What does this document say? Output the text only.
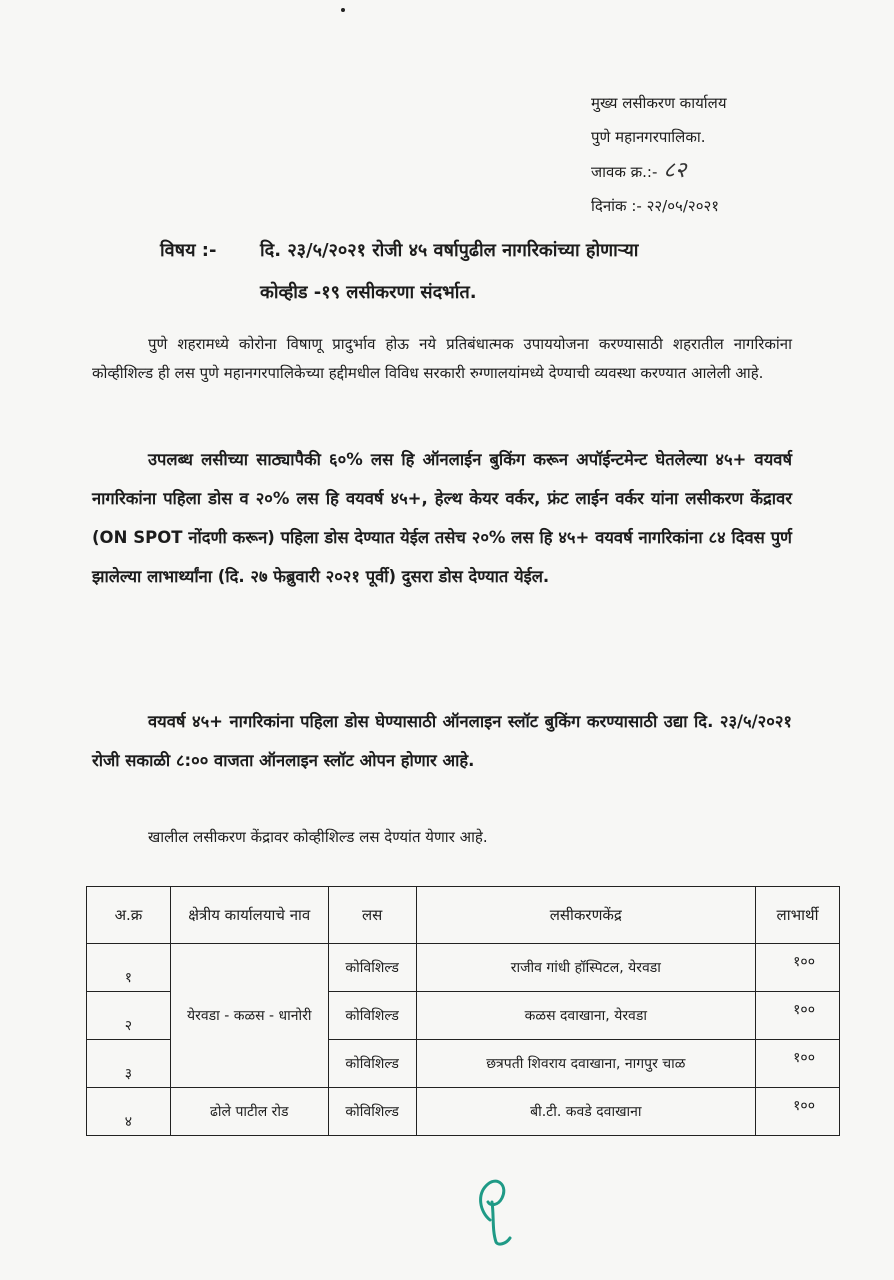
मुख्य लसीकरण कार्यालय
पुणे महानगरपालिका.
जावक क्र.:- ८२
दिनांक :- २२/०५/२०२१
विषय :- दि. २३/५/२०२१ रोजी ४५ वर्षापुढील नागरिकांच्या होणाऱ्या
कोव्हीड -१९ लसीकरणा संदर्भात.
पुणे शहरामध्ये कोरोना विषाणू प्रादुर्भाव होऊ नये प्रतिबंधात्मक उपाययोजना करण्यासाठी शहरातील नागरिकांना कोव्हीशिल्ड ही लस पुणे महानगरपालिकेच्या हद्दीमधील विविध सरकारी रुग्णालयांमध्ये देण्याची व्यवस्था करण्यात आलेली आहे.
उपलब्ध लसीच्या साठ्यापैकी ६०% लस हि ऑनलाईन बुकिंग करून अपॉईन्टमेन्ट घेतलेल्या ४५+ वयवर्ष नागरिकांना पहिला डोस व २०% लस हि वयवर्ष ४५+, हेल्थ केयर वर्कर, फ्रंट लाईन वर्कर यांना लसीकरण केंद्रावर (ON SPOT नोंदणी करून) पहिला डोस देण्यात येईल तसेच २०% लस हि ४५+ वयवर्ष नागरिकांना ८४ दिवस पुर्ण झालेल्या लाभार्थ्यांना (दि. २७ फेब्रुवारी २०२१ पूर्वी) दुसरा डोस देण्यात येईल.
वयवर्ष ४५+ नागरिकांना पहिला डोस घेण्यासाठी ऑनलाइन स्लॉट बुकिंग करण्यासाठी उद्या दि. २३/५/२०२१ रोजी सकाळी ८:०० वाजता ऑनलाइन स्लॉट ओपन होणार आहे.
खालील लसीकरण केंद्रावर कोव्हीशिल्ड लस देण्यांत येणार आहे.
अ.क्र	क्षेत्रीय कार्यालयाचे नाव	लस	लसीकरणकेंद्र	लाभार्थी
१	येरवडा - कळस - धानोरी	कोविशिल्ड	राजीव गांधी हॉस्पिटल, येरवडा	१००
२		कोविशिल्ड	कळस दवाखाना, येरवडा	१००
३		कोविशिल्ड	छत्रपती शिवराय दवाखाना, नागपुर चाळ	१००
४	ढोले पाटील रोड	कोविशिल्ड	बी.टी. कवडे दवाखाना	१००
